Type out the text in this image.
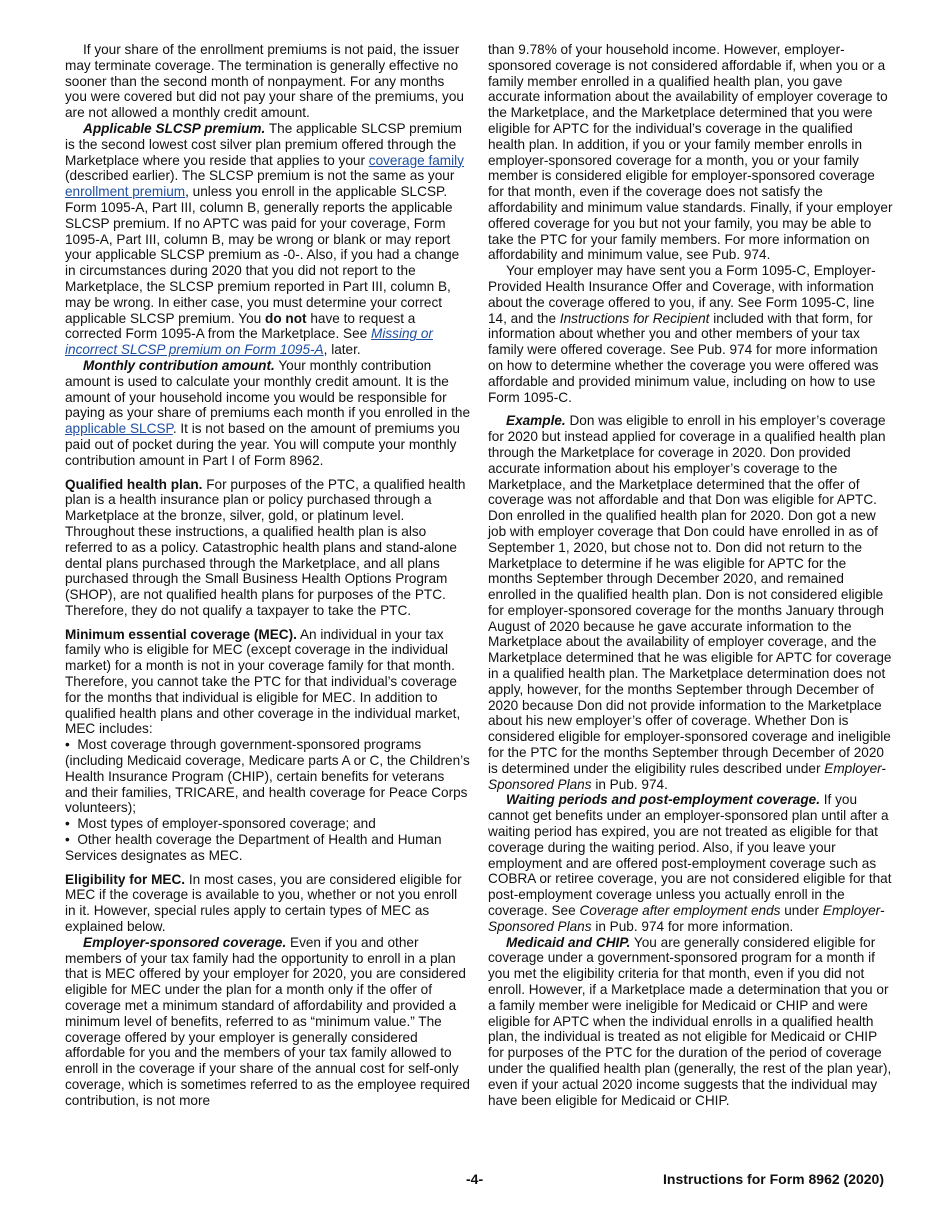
If your share of the enrollment premiums is not paid, the issuer may terminate coverage. The termination is generally effective no sooner than the second month of nonpayment. For any months you were covered but did not pay your share of the premiums, you are not allowed a monthly credit amount.

Applicable SLCSP premium. The applicable SLCSP premium is the second lowest cost silver plan premium offered through the Marketplace where you reside that applies to your coverage family (described earlier). The SLCSP premium is not the same as your enrollment premium, unless you enroll in the applicable SLCSP. Form 1095-A, Part III, column B, generally reports the applicable SLCSP premium. If no APTC was paid for your coverage, Form 1095-A, Part III, column B, may be wrong or blank or may report your applicable SLCSP premium as -0-. Also, if you had a change in circumstances during 2020 that you did not report to the Marketplace, the SLCSP premium reported in Part III, column B, may be wrong. In either case, you must determine your correct applicable SLCSP premium. You do not have to request a corrected Form 1095-A from the Marketplace. See Missing or incorrect SLCSP premium on Form 1095-A, later.

Monthly contribution amount. Your monthly contribution amount is used to calculate your monthly credit amount. It is the amount of your household income you would be responsible for paying as your share of premiums each month if you enrolled in the applicable SLCSP. It is not based on the amount of premiums you paid out of pocket during the year. You will compute your monthly contribution amount in Part I of Form 8962.

Qualified health plan. For purposes of the PTC, a qualified health plan is a health insurance plan or policy purchased through a Marketplace at the bronze, silver, gold, or platinum level. Throughout these instructions, a qualified health plan is also referred to as a policy. Catastrophic health plans and stand-alone dental plans purchased through the Marketplace, and all plans purchased through the Small Business Health Options Program (SHOP), are not qualified health plans for purposes of the PTC. Therefore, they do not qualify a taxpayer to take the PTC.

Minimum essential coverage (MEC). An individual in your tax family who is eligible for MEC (except coverage in the individual market) for a month is not in your coverage family for that month. Therefore, you cannot take the PTC for that individual’s coverage for the months that individual is eligible for MEC. In addition to qualified health plans and other coverage in the individual market, MEC includes:

•  Most coverage through government-sponsored programs (including Medicaid coverage, Medicare parts A or C, the Children’s Health Insurance Program (CHIP), certain benefits for veterans and their families, TRICARE, and health coverage for Peace Corps volunteers);

•  Most types of employer-sponsored coverage; and

•  Other health coverage the Department of Health and Human Services designates as MEC.

Eligibility for MEC. In most cases, you are considered eligible for MEC if the coverage is available to you, whether or not you enroll in it. However, special rules apply to certain types of MEC as explained below.

Employer-sponsored coverage. Even if you and other members of your tax family had the opportunity to enroll in a plan that is MEC offered by your employer for 2020, you are considered eligible for MEC under the plan for a month only if the offer of coverage met a minimum standard of affordability and provided a minimum level of benefits, referred to as “minimum value.” The coverage offered by your employer is generally considered affordable for you and the members of your tax family allowed to enroll in the coverage if your share of the annual cost for self-only coverage, which is sometimes referred to as the employee required contribution, is not more

than 9.78% of your household income. However, employer-sponsored coverage is not considered affordable if, when you or a family member enrolled in a qualified health plan, you gave accurate information about the availability of employer coverage to the Marketplace, and the Marketplace determined that you were eligible for APTC for the individual’s coverage in the qualified health plan. In addition, if you or your family member enrolls in employer-sponsored coverage for a month, you or your family member is considered eligible for employer-sponsored coverage for that month, even if the coverage does not satisfy the affordability and minimum value standards. Finally, if your employer offered coverage for you but not your family, you may be able to take the PTC for your family members. For more information on affordability and minimum value, see Pub. 974.

Your employer may have sent you a Form 1095-C, Employer-Provided Health Insurance Offer and Coverage, with information about the coverage offered to you, if any. See Form 1095-C, line 14, and the Instructions for Recipient included with that form, for information about whether you and other members of your tax family were offered coverage. See Pub. 974 for more information on how to determine whether the coverage you were offered was affordable and provided minimum value, including on how to use Form 1095-C.

Example. Don was eligible to enroll in his employer’s coverage for 2020 but instead applied for coverage in a qualified health plan through the Marketplace for coverage in 2020. Don provided accurate information about his employer’s coverage to the Marketplace, and the Marketplace determined that the offer of coverage was not affordable and that Don was eligible for APTC. Don enrolled in the qualified health plan for 2020. Don got a new job with employer coverage that Don could have enrolled in as of September 1, 2020, but chose not to. Don did not return to the Marketplace to determine if he was eligible for APTC for the months September through December 2020, and remained enrolled in the qualified health plan. Don is not considered eligible for employer-sponsored coverage for the months January through August of 2020 because he gave accurate information to the Marketplace about the availability of employer coverage, and the Marketplace determined that he was eligible for APTC for coverage in a qualified health plan. The Marketplace determination does not apply, however, for the months September through December of 2020 because Don did not provide information to the Marketplace about his new employer’s offer of coverage. Whether Don is considered eligible for employer-sponsored coverage and ineligible for the PTC for the months September through December of 2020 is determined under the eligibility rules described under Employer-Sponsored Plans in Pub. 974.

Waiting periods and post-employment coverage. If you cannot get benefits under an employer-sponsored plan until after a waiting period has expired, you are not treated as eligible for that coverage during the waiting period. Also, if you leave your employment and are offered post-employment coverage such as COBRA or retiree coverage, you are not considered eligible for that post-employment coverage unless you actually enroll in the coverage. See Coverage after employment ends under Employer-Sponsored Plans in Pub. 974 for more information.

Medicaid and CHIP. You are generally considered eligible for coverage under a government-sponsored program for a month if you met the eligibility criteria for that month, even if you did not enroll. However, if a Marketplace made a determination that you or a family member were ineligible for Medicaid or CHIP and were eligible for APTC when the individual enrolls in a qualified health plan, the individual is treated as not eligible for Medicaid or CHIP for purposes of the PTC for the duration of the period of coverage under the qualified health plan (generally, the rest of the plan year), even if your actual 2020 income suggests that the individual may have been eligible for Medicaid or CHIP.

-4-	Instructions for Form 8962 (2020)
